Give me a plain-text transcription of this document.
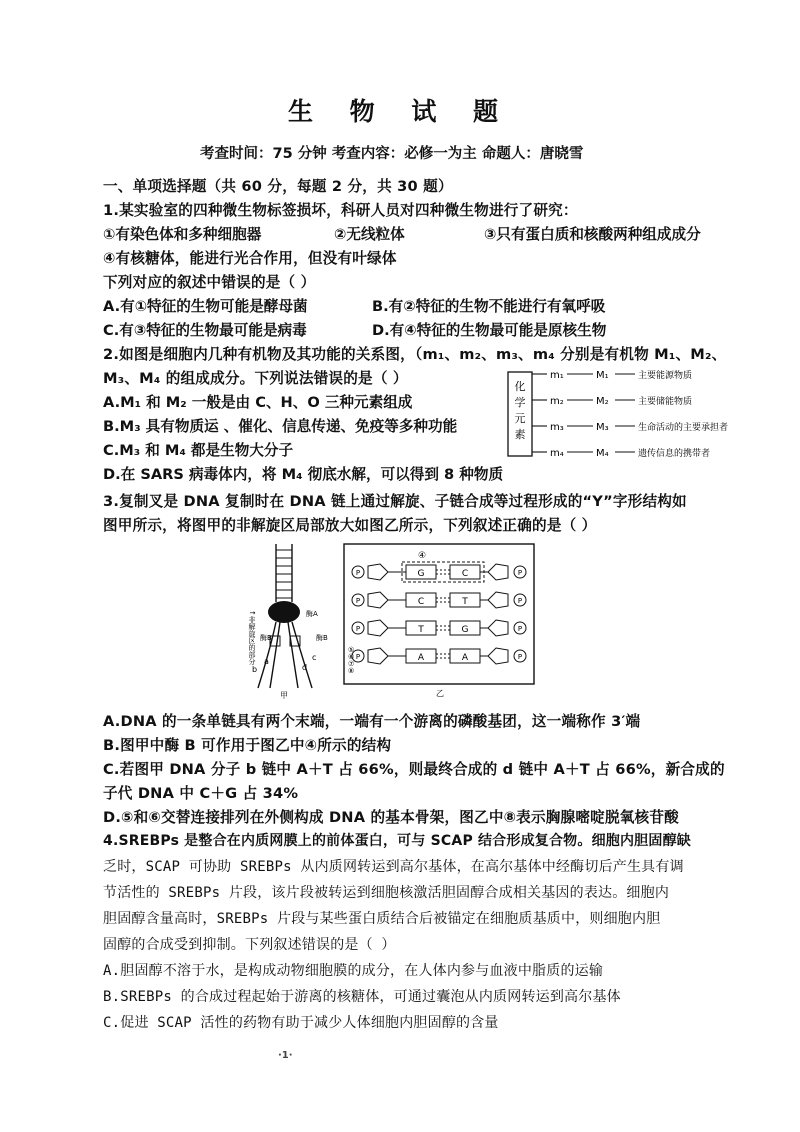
生 物 试 题
考查时间：75 分钟 考查内容：必修一为主 命题人：唐晓雪
一、单项选择题（共 60 分，每题 2 分，共 30 题）
1.某实验室的四种微生物标签损坏，科研人员对四种微生物进行了研究：
①有染色体和多种细胞器	②无线粒体	③只有蛋白质和核酸两种组成成分
④有核糖体，能进行光合作用，但没有叶绿体
下列对应的叙述中错误的是（ ）
A.有①特征的生物可能是酵母菌	B.有②特征的生物不能进行有氧呼吸
C.有③特征的生物最可能是病毒	D.有④特征的生物最可能是原核生物
2.如图是细胞内几种有机物及其功能的关系图，（m₁、m₂、m₃、m₄ 分别是有机物 M₁、M₂、
M₃、M₄ 的组成成分。下列说法错误的是（ ）
A.M₁ 和 M₂ 一般是由 C、H、O 三种元素组成
B.M₃ 具有物质运 、催化、信息传递、免疫等多种功能
C.M₃ 和 M₄ 都是生物大分子
D.在 SARS 病毒体内，将 M₄ 彻底水解，可以得到 8 种物质
化
学
元
素
m₁	M₁	主要能源物质
m₂	M₂	主要储能物质
m₃	M₃	生命活动的主要承担者
m₄	M₄	遗传信息的携带者
3.复制叉是 DNA 复制时在 DNA 链上通过解旋、子链合成等过程形成的“Y”字形结构如
图甲所示，将图甲的非解旋区局部放大如图乙所示，下列叙述正确的是（ ）
↑非解旋区的部分	酶A
酶B	酶B
b
a
d
c
甲
④
P	G	C	P
P	C	T	P
P	T	G	P
P	A	A	P
⑤
⑥
⑦
⑧
乙
A.DNA 的一条单链具有两个末端，一端有一个游离的磷酸基团，这一端称作 3′端
B.图甲中酶 B 可作用于图乙中④所示的结构
C.若图甲 DNA 分子 b 链中 A＋T 占 66%，则最终合成的 d 链中 A＋T 占 66%，新合成的
子代 DNA 中 C＋G 占 34%
D.⑤和⑥交替连接排列在外侧构成 DNA 的基本骨架，图乙中⑧表示胸腺嘧啶脱氧核苷酸
4.SREBPs 是整合在内质网膜上的前体蛋白，可与 SCAP 结合形成复合物。细胞内胆固醇缺
乏时，SCAP 可协助 SREBPs 从内质网转运到高尔基体，在高尔基体中经酶切后产生具有调
节活性的 SREBPs 片段，该片段被转运到细胞核激活胆固醇合成相关基因的表达。细胞内
胆固醇含量高时，SREBPs 片段与某些蛋白质结合后被锚定在细胞质基质中，则细胞内胆
固醇的合成受到抑制。下列叙述错误的是（ ）
A.胆固醇不溶于水，是构成动物细胞膜的成分，在人体内参与血液中脂质的运输
B.SREBPs 的合成过程起始于游离的核糖体，可通过囊泡从内质网转运到高尔基体
C.促进 SCAP 活性的药物有助于减少人体细胞内胆固醇的含量
·1·
